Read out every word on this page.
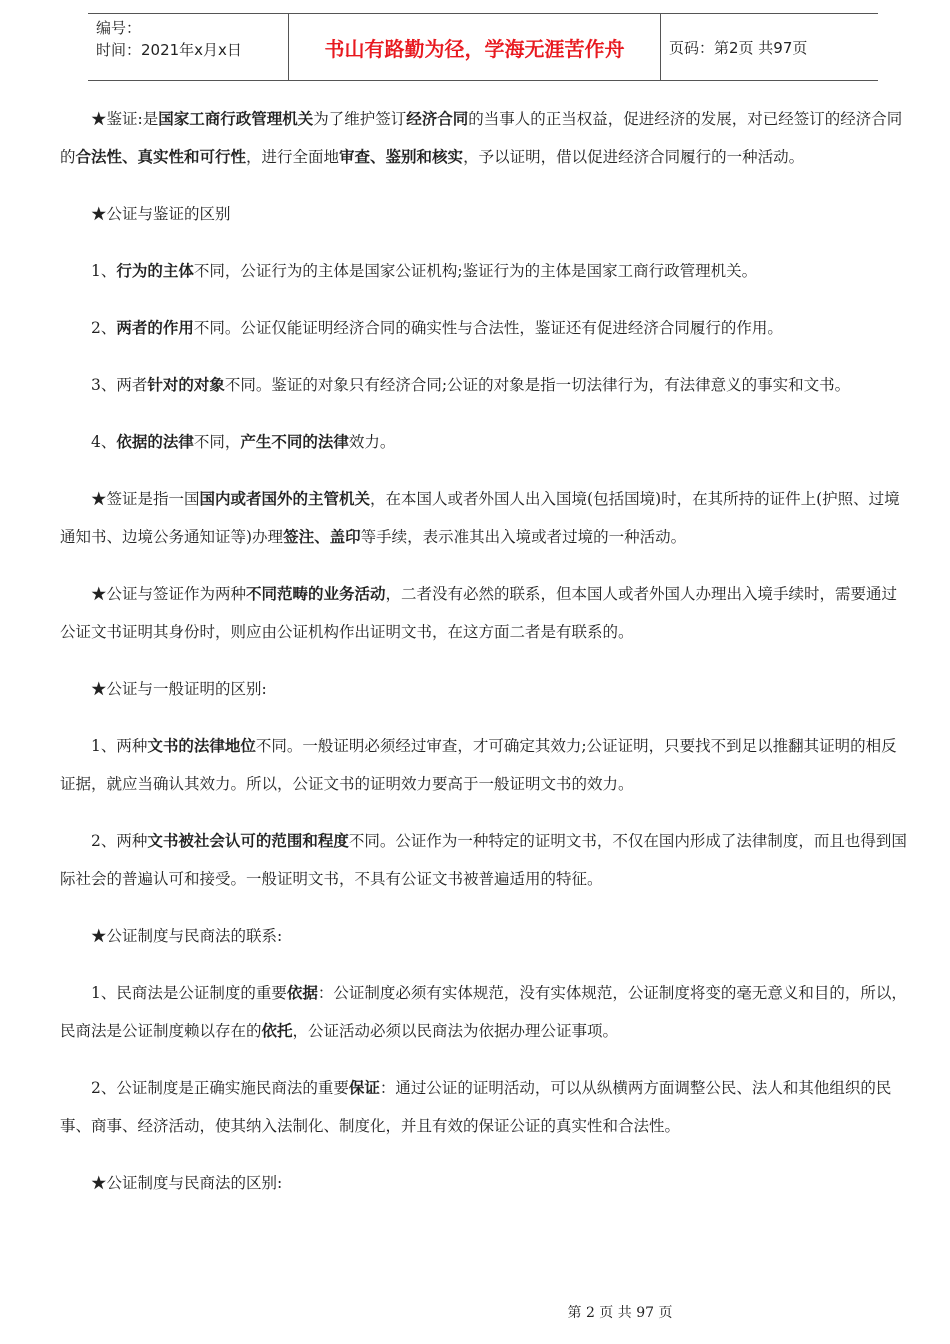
编号：
时间：2021年x月x日	书山有路勤为径，学海无涯苦作舟	页码：第2页 共97页

★鉴证:是国家工商行政管理机关为了维护签订经济合同的当事人的正当权益，促进经济的发展，对已经签订的经济合同的合法性、真实性和可行性，进行全面地审查、鉴别和核实，予以证明，借以促进经济合同履行的一种活动。

★公证与鉴证的区别

1、行为的主体不同，公证行为的主体是国家公证机构;鉴证行为的主体是国家工商行政管理机关。

2、两者的作用不同。公证仅能证明经济合同的确实性与合法性，鉴证还有促进经济合同履行的作用。

3、两者针对的对象不同。鉴证的对象只有经济合同;公证的对象是指一切法律行为，有法律意义的事实和文书。

4、依据的法律不同，产生不同的法律效力。

★签证是指一国国内或者国外的主管机关，在本国人或者外国人出入国境(包括国境)时，在其所持的证件上(护照、过境通知书、边境公务通知证等)办理签注、盖印等手续，表示准其出入境或者过境的一种活动。

★公证与签证作为两种不同范畴的业务活动，二者没有必然的联系，但本国人或者外国人办理出入境手续时，需要通过公证文书证明其身份时，则应由公证机构作出证明文书，在这方面二者是有联系的。

★公证与一般证明的区别:

1、两种文书的法律地位不同。一般证明必须经过审查，才可确定其效力;公证证明，只要找不到足以推翻其证明的相反证据，就应当确认其效力。所以，公证文书的证明效力要高于一般证明文书的效力。

2、两种文书被社会认可的范围和程度不同。公证作为一种特定的证明文书，不仅在国内形成了法律制度，而且也得到国际社会的普遍认可和接受。一般证明文书，不具有公证文书被普遍适用的特征。

★公证制度与民商法的联系:

1、民商法是公证制度的重要依据：公证制度必须有实体规范，没有实体规范，公证制度将变的毫无意义和目的，所以，民商法是公证制度赖以存在的依托，公证活动必须以民商法为依据办理公证事项。

2、公证制度是正确实施民商法的重要保证：通过公证的证明活动，可以从纵横两方面调整公民、法人和其他组织的民事、商事、经济活动，使其纳入法制化、制度化，并且有效的保证公证的真实性和合法性。

★公证制度与民商法的区别:

第 2 页 共 97 页
